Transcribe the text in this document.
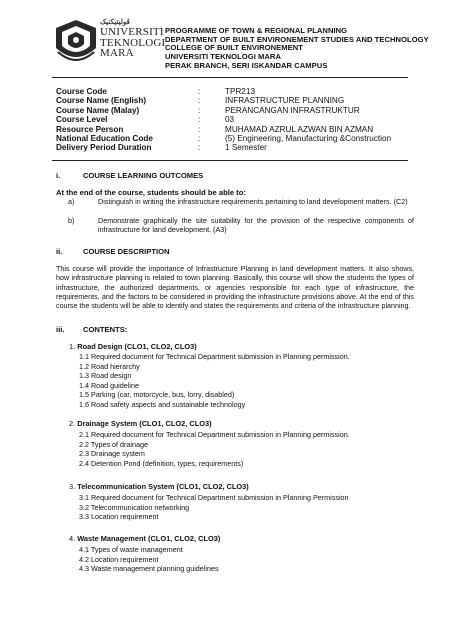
ڤوليتيکنيک
UNIVERSITI
TEKNOLOGI
MARA
PROGRAMME OF TOWN & REGIONAL PLANNING
DEPARTMENT OF BUILT ENVIRONEMENT STUDIES AND TECHNOLOGY
COLLEGE OF BUILT ENVIRONEMENT
UNIVERSITI TEKNOLOGI MARA
PERAK BRANCH, SERI ISKANDAR CAMPUS
Course Code	:	TPR213
Course Name (English)	:	INFRASTRUCTURE PLANNING
Course Name (Malay)	:	PERANCANGAN INFRASTRUKTUR
Course Level	:	03
Resource Person	:	MUHAMAD AZRUL AZWAN BIN AZMAN
National Education Code	:	(5) Engineering, Manufacturing &Construction
Delivery Period Duration	:	1 Semester
i.	COURSE LEARNING OUTCOMES
At the end of the course, students should be able to:
a)	Distinguish in writing the infrastructure requirements pertaining to land development matters. (C2)
b)	Demonstrate graphically the site suitability for the provision of the respective components of infrastructure for land development. (A3)
ii.	COURSE DESCRIPTION
This course will provide the importance of Infrastructure Planning in land development matters. It also shows, how infrastructure planning is related to town planning. Basically, this course will show the students the types of infrastructure, the authorized departments, or agencies responsible for each type of infrastructure, the requirements, and the factors to be considered in providing the infrastructure provisions above. At the end of this course the students will be able to identify and states the requirements and criteria of the infrastructure planning.
iii. CONTENTS:
1. Road Design (CLO1, CLO2, CLO3)
1.1 Required document for Technical Department submission in Planning permission.
1.2 Road hierarchy
1.3 Road design
1.4 Road guideline
1.5 Parking (car, motorcycle, bus, lorry, disabled)
1.6 Road safety aspects and sustainable technology
2. Drainage System (CLO1, CLO2, CLO3)
2.1 Required document for Technical Department submission in Planning permission.
2.2 Types of drainage
2.3 Drainage system
2.4 Detention Pond (definition, types, requirements)
3. Telecommunication System (CLO1, CLO2, CLO3)
3.1 Required document for Technical Department submission in Planning Permission
3.2 Telecommunication networking
3.3 Location requirement
4. Waste Management (CLO1, CLO2, CLO3)
4.1 Types of waste management
4.2 Location requirement
4.3 Waste management planning guidelines
